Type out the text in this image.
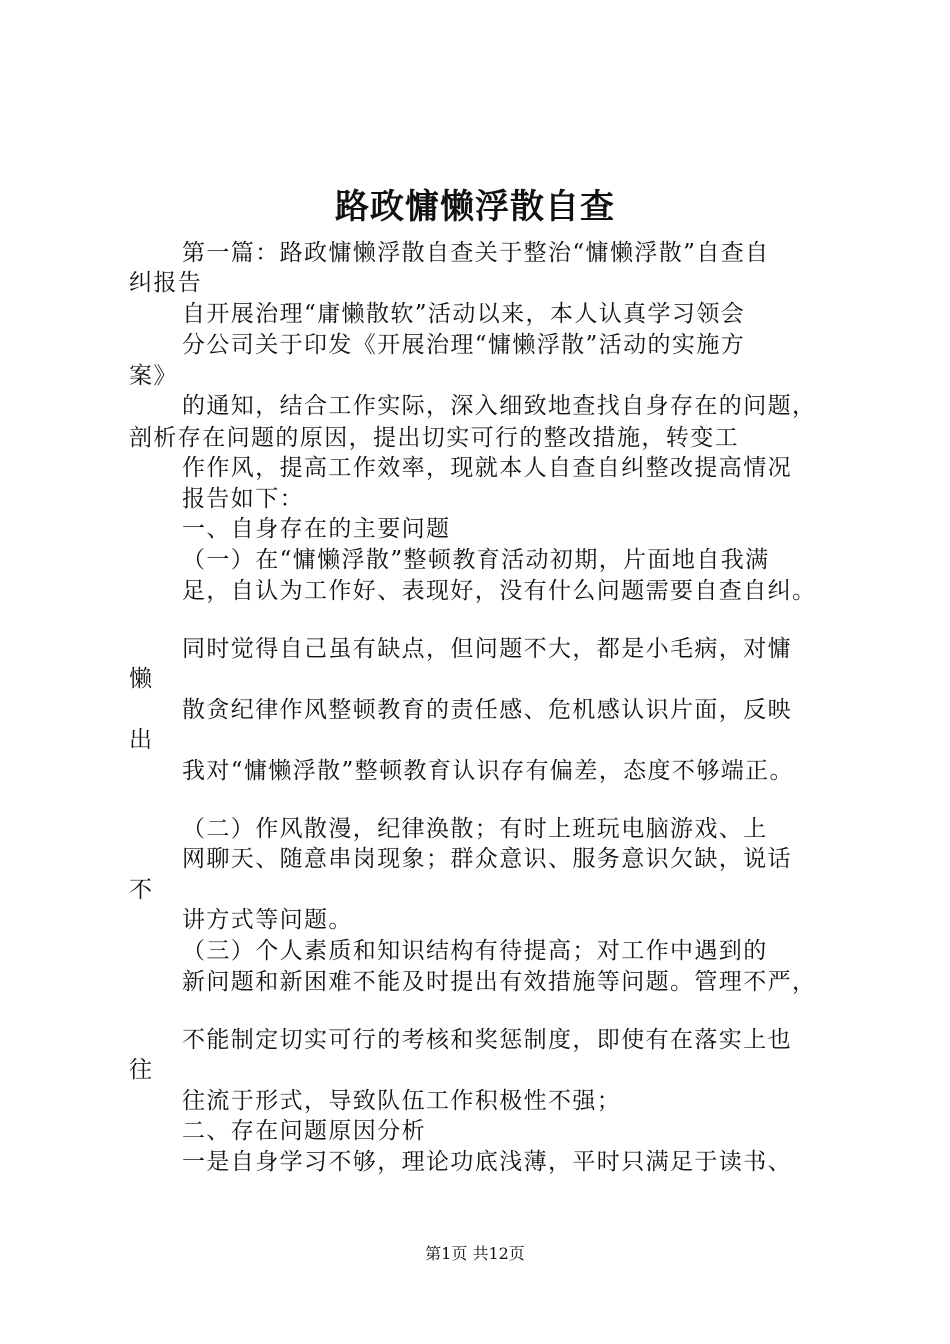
路政慵懒浮散自查
第一篇：路政慵懒浮散自查关于整治“慵懒浮散”自查自
纠报告
自开展治理“庸懒散软”活动以来，本人认真学习领会
分公司关于印发《开展治理“慵懒浮散”活动的实施方
案》
的通知，结合工作实际，深入细致地查找自身存在的问题，
剖析存在问题的原因，提出切实可行的整改措施，转变工
作作风，提高工作效率，现就本人自查自纠整改提高情况
报告如下：
一、自身存在的主要问题
（一）在“慵懒浮散”整顿教育活动初期，片面地自我满
足，自认为工作好、表现好，没有什么问题需要自查自纠。
同时觉得自己虽有缺点，但问题不大，都是小毛病，对慵
懒
散贪纪律作风整顿教育的责任感、危机感认识片面，反映
出
我对“慵懒浮散”整顿教育认识存有偏差，态度不够端正。
（二）作风散漫，纪律涣散；有时上班玩电脑游戏、上
网聊天、随意串岗现象；群众意识、服务意识欠缺，说话
不
讲方式等问题。
（三）个人素质和知识结构有待提高；对工作中遇到的
新问题和新困难不能及时提出有效措施等问题。管理不严，
不能制定切实可行的考核和奖惩制度，即使有在落实上也
往
往流于形式，导致队伍工作积极性不强；
二、存在问题原因分析
一是自身学习不够，理论功底浅薄，平时只满足于读书、
第1页 共12页
